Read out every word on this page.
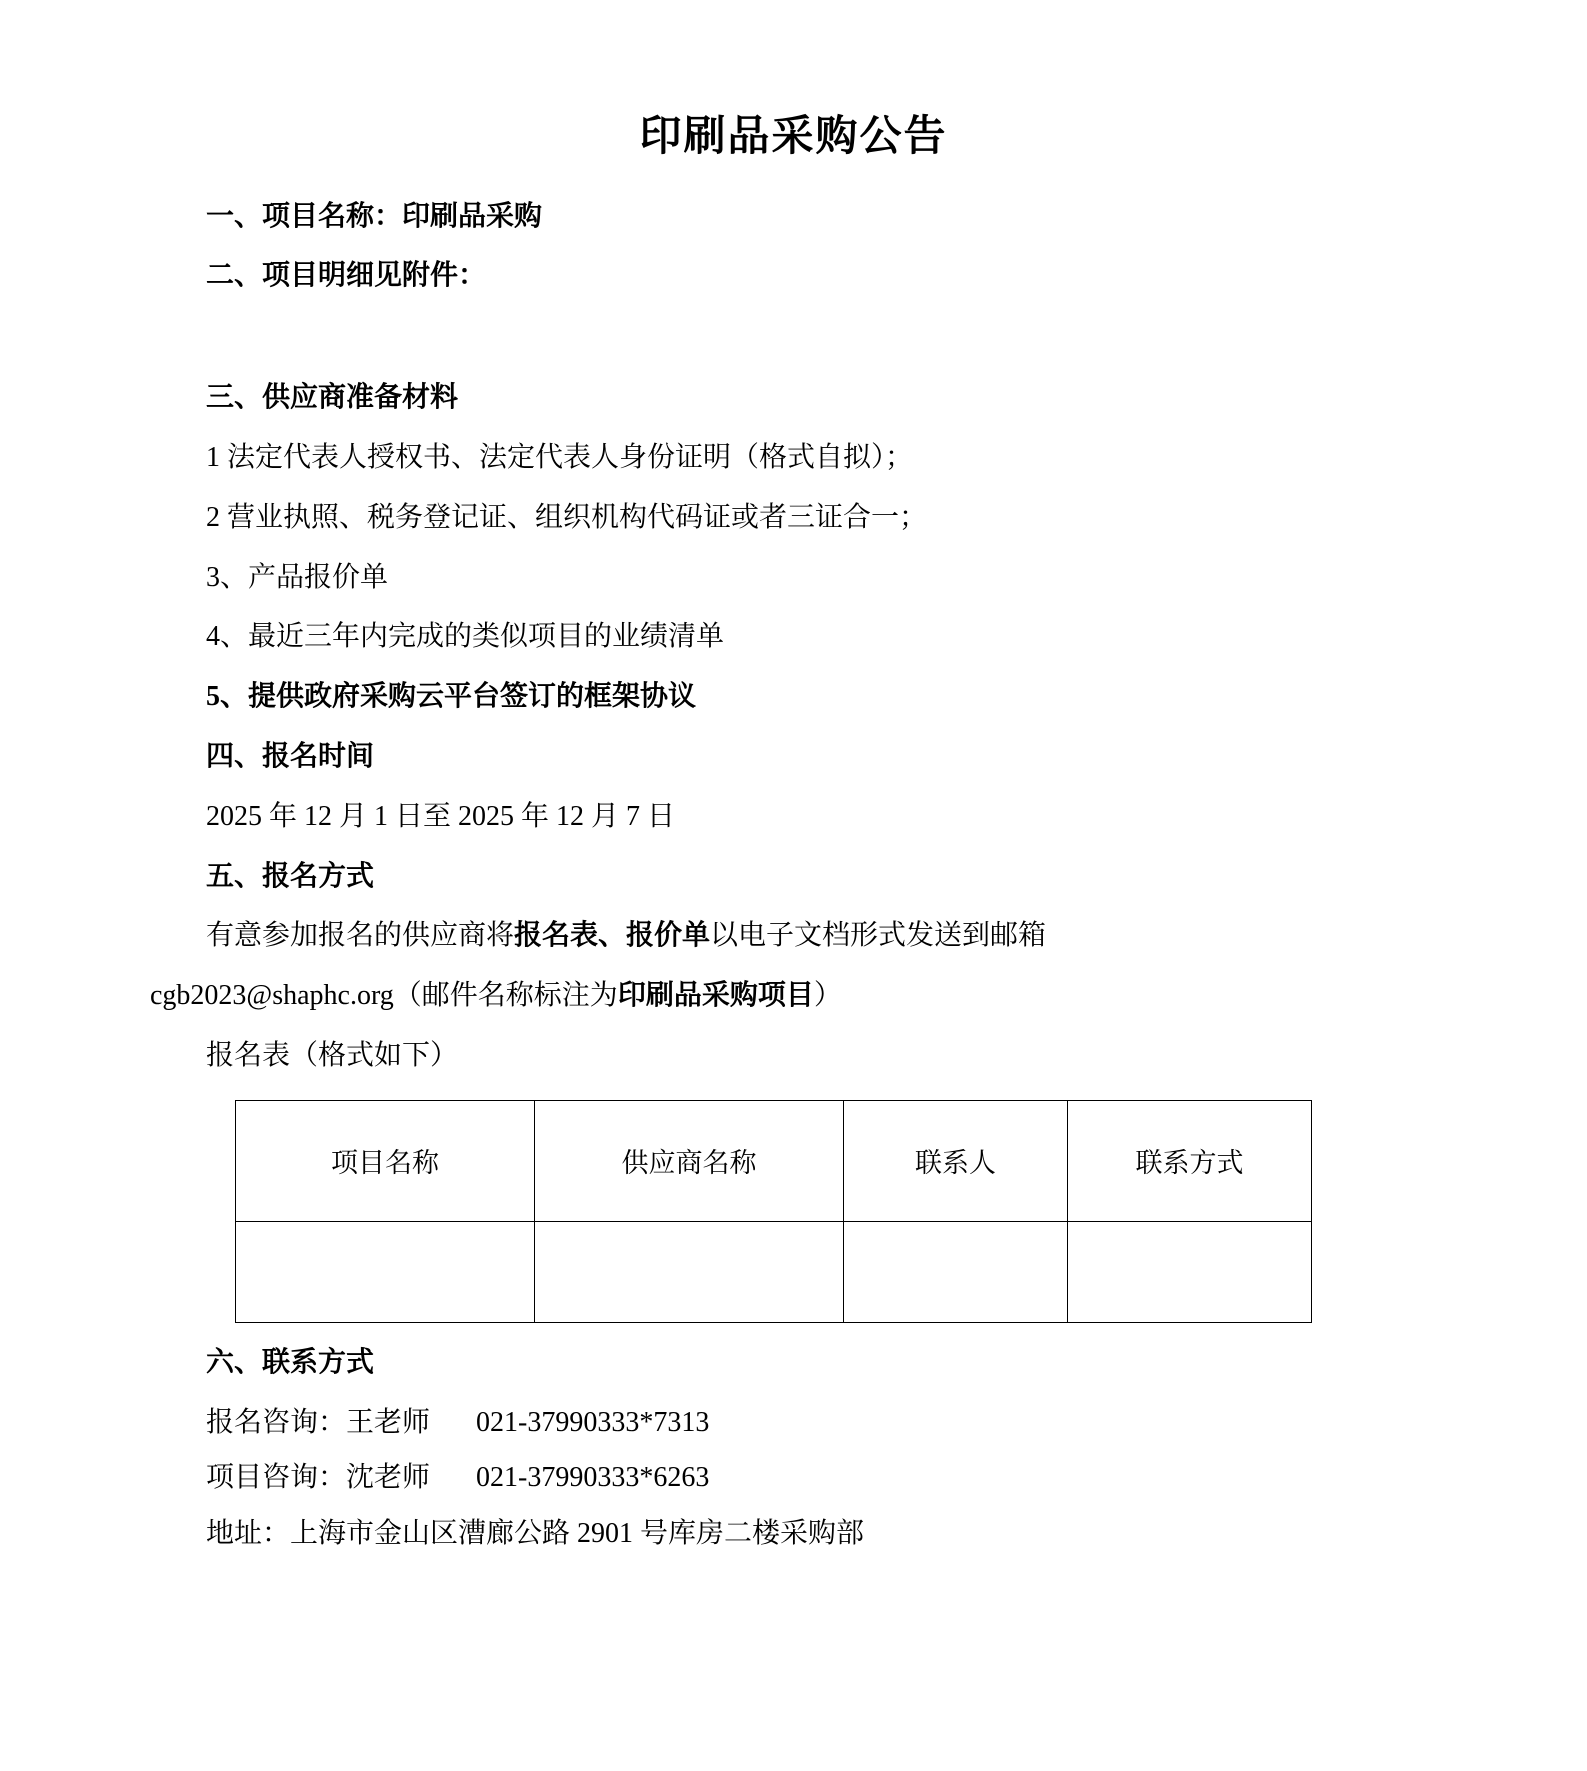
印刷品采购公告

一、项目名称：印刷品采购

二、项目明细见附件：

三、供应商准备材料

1 法定代表人授权书、法定代表人身份证明（格式自拟）；

2 营业执照、税务登记证、组织机构代码证或者三证合一；

3、产品报价单

4、最近三年内完成的类似项目的业绩清单

5、提供政府采购云平台签订的框架协议

四、报名时间

2025 年 12 月 1 日至 2025 年 12 月 7 日

五、报名方式

有意参加报名的供应商将报名表、报价单以电子文档形式发送到邮箱

cgb2023@shaphc.org（邮件名称标注为印刷品采购项目）

报名表（格式如下）

项目名称	供应商名称	联系人	联系方式

六、联系方式

报名咨询：王老师 021-37990333*7313

项目咨询：沈老师 021-37990333*6263

地址：上海市金山区漕廊公路 2901 号库房二楼采购部
